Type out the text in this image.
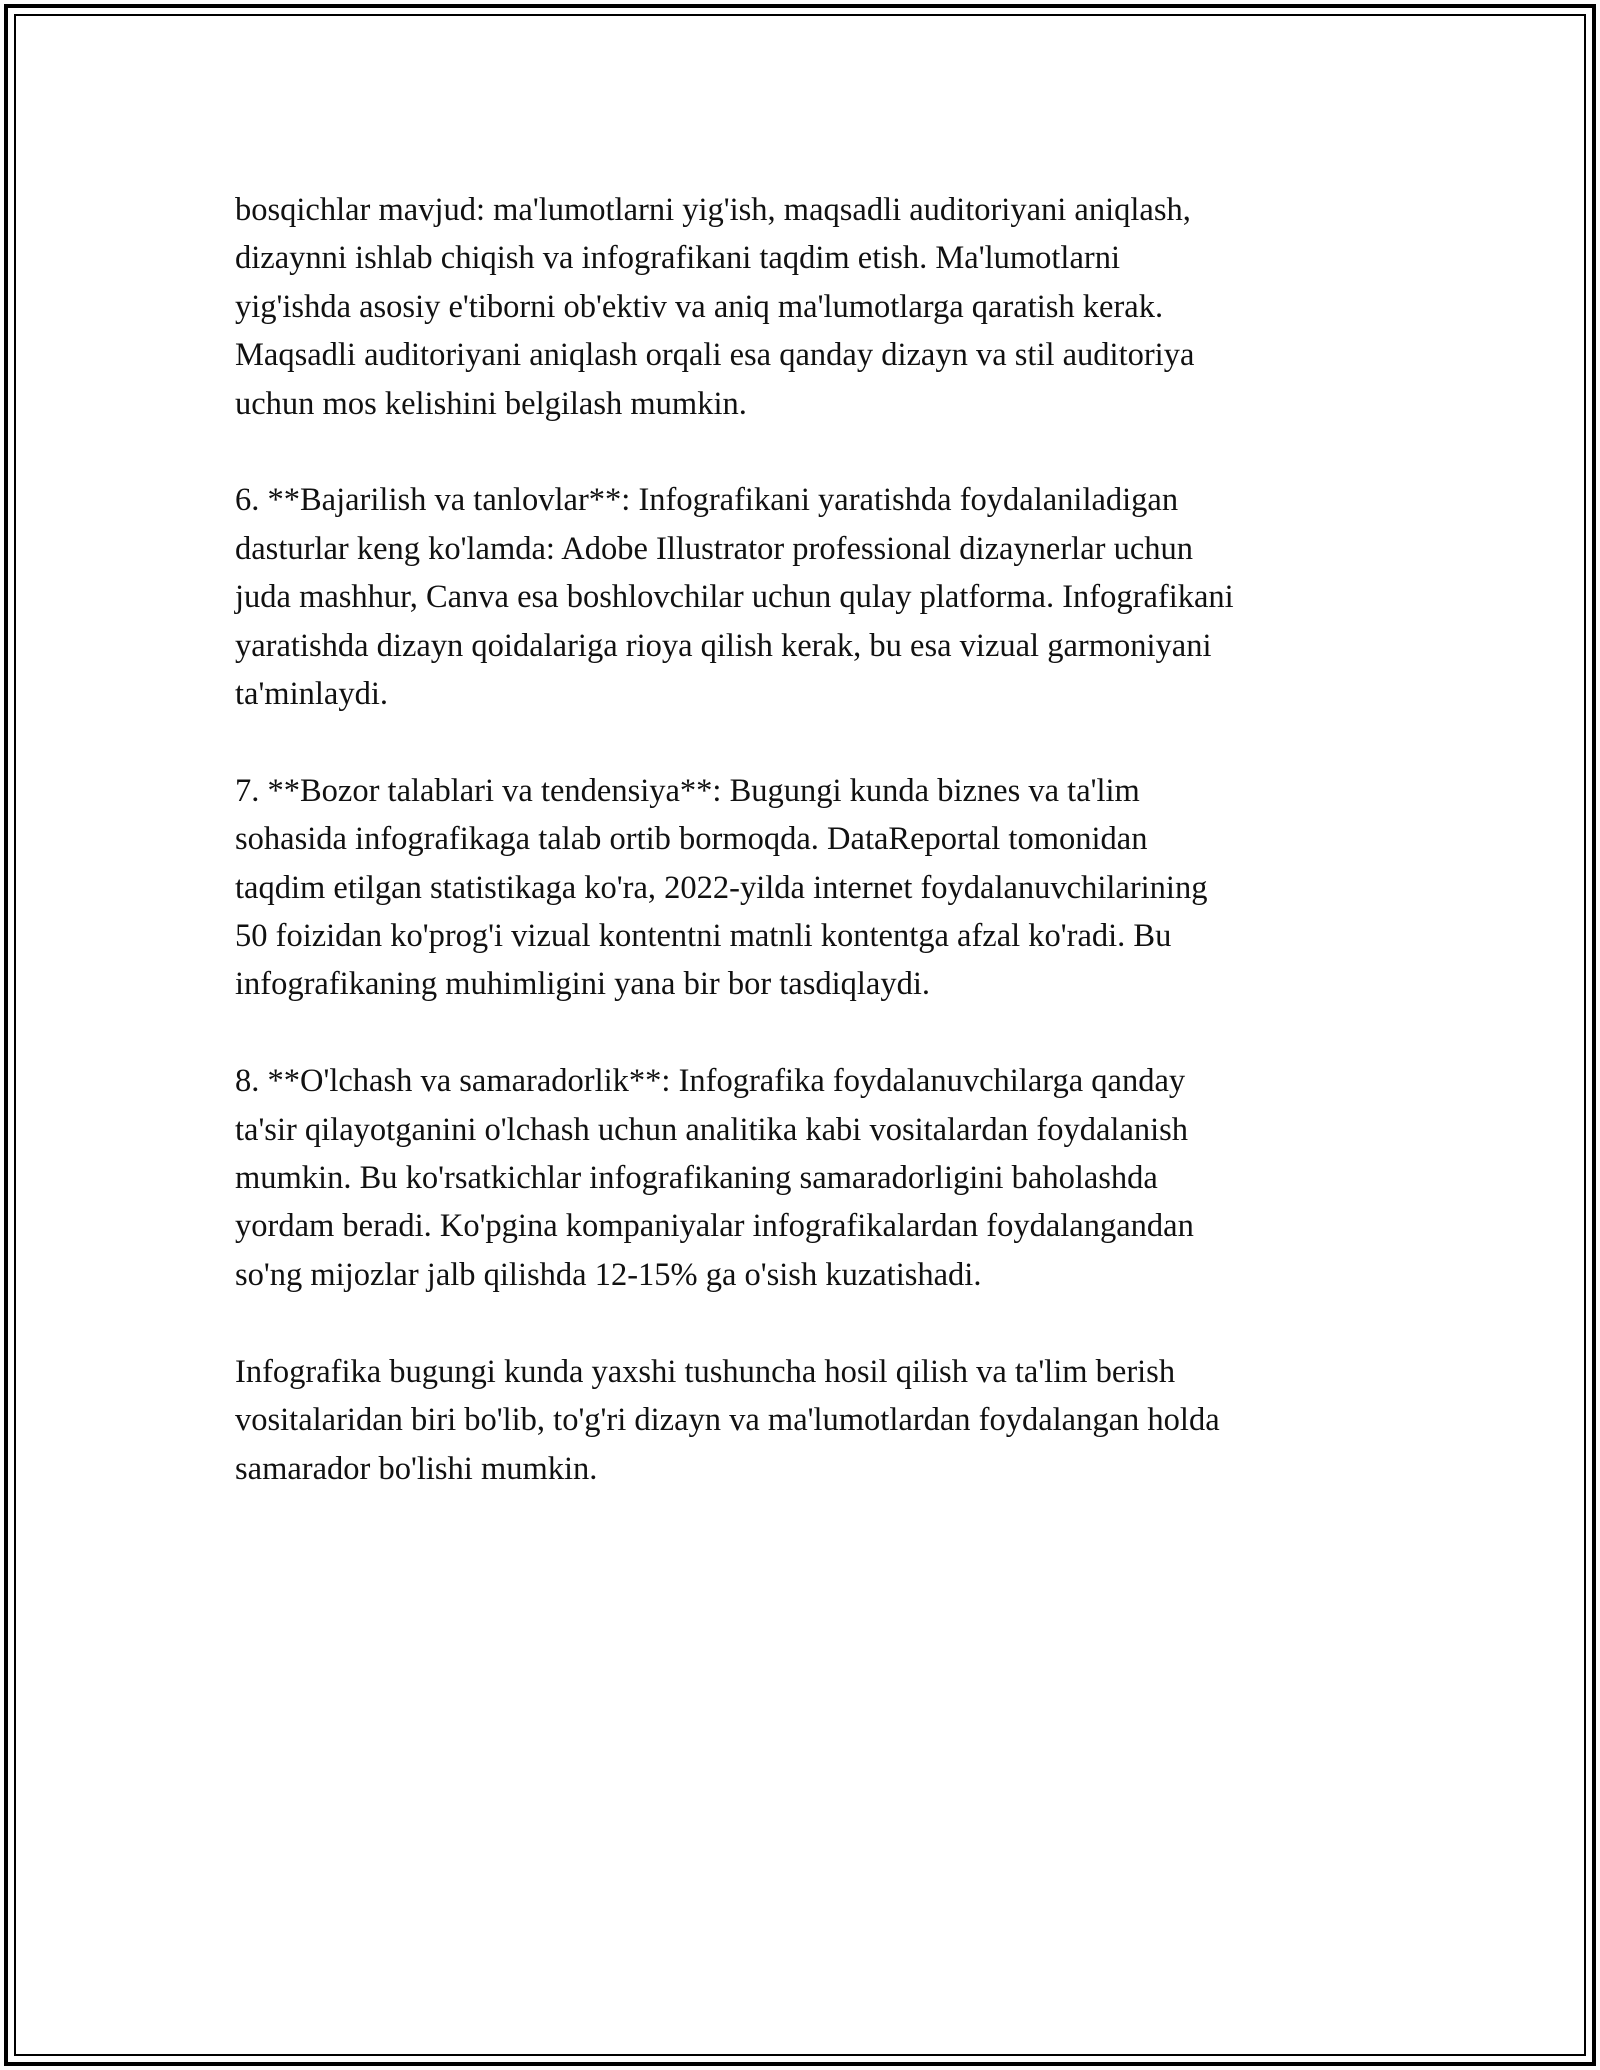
bosqichlar mavjud: ma'lumotlarni yig'ish, maqsadli auditoriyani aniqlash,
dizaynni ishlab chiqish va infografikani taqdim etish. Ma'lumotlarni
yig'ishda asosiy e'tiborni ob'ektiv va aniq ma'lumotlarga qaratish kerak.
Maqsadli auditoriyani aniqlash orqali esa qanday dizayn va stil auditoriya
uchun mos kelishini belgilash mumkin.

6. **Bajarilish va tanlovlar**: Infografikani yaratishda foydalaniladigan
dasturlar keng ko'lamda: Adobe Illustrator professional dizaynerlar uchun
juda mashhur, Canva esa boshlovchilar uchun qulay platforma. Infografikani
yaratishda dizayn qoidalariga rioya qilish kerak, bu esa vizual garmoniyani
ta'minlaydi.

7. **Bozor talablari va tendensiya**: Bugungi kunda biznes va ta'lim
sohasida infografikaga talab ortib bormoqda. DataReportal tomonidan
taqdim etilgan statistikaga ko'ra, 2022-yilda internet foydalanuvchilarining
50 foizidan ko'prog'i vizual kontentni matnli kontentga afzal ko'radi. Bu
infografikaning muhimligini yana bir bor tasdiqlaydi.

8. **O'lchash va samaradorlik**: Infografika foydalanuvchilarga qanday
ta'sir qilayotganini o'lchash uchun analitika kabi vositalardan foydalanish
mumkin. Bu ko'rsatkichlar infografikaning samaradorligini baholashda
yordam beradi. Ko'pgina kompaniyalar infografikalardan foydalangandan
so'ng mijozlar jalb qilishda 12-15% ga o'sish kuzatishadi.

Infografika bugungi kunda yaxshi tushuncha hosil qilish va ta'lim berish
vositalaridan biri bo'lib, to'g'ri dizayn va ma'lumotlardan foydalangan holda
samarador bo'lishi mumkin.
